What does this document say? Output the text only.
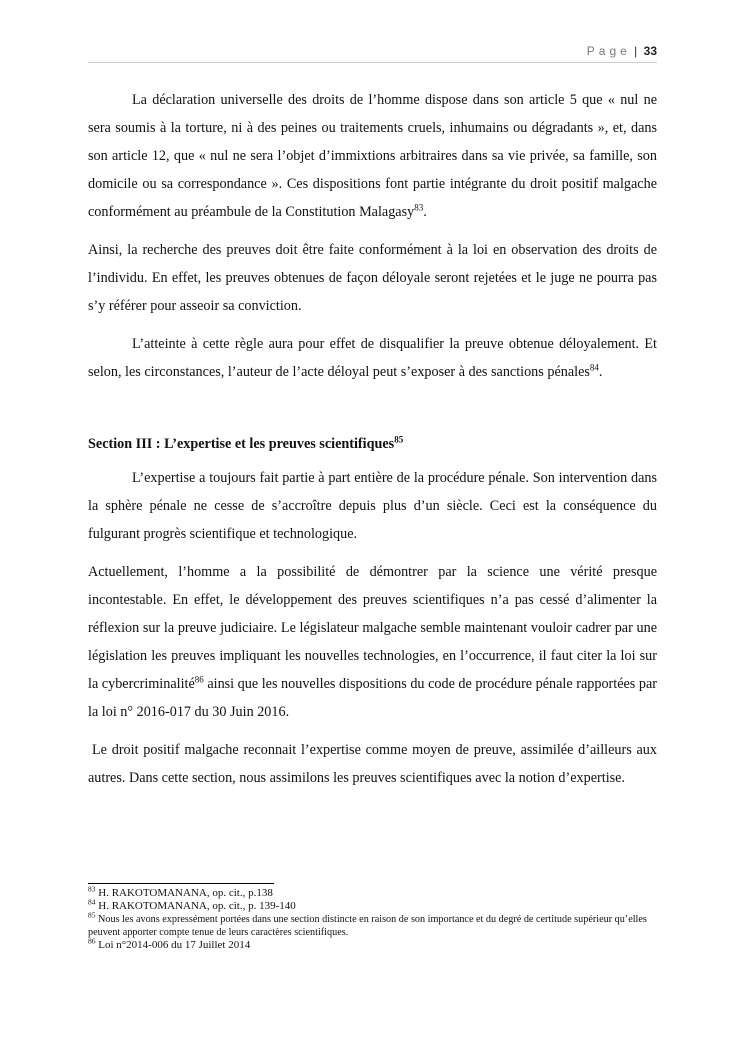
Page | 33

La déclaration universelle des droits de l’homme dispose dans son article 5 que « nul ne sera soumis à la torture, ni à des peines ou traitements cruels, inhumains ou dégradants », et, dans son article 12, que « nul ne sera l’objet d’immixtions arbitraires dans sa vie privée, sa famille, son domicile ou sa correspondance ». Ces dispositions font partie intégrante du droit positif malgache conformément au préambule de la Constitution Malagasy$^{83}$.

Ainsi, la recherche des preuves doit être faite conformément à la loi en observation des droits de l’individu. En effet, les preuves obtenues de façon déloyale seront rejetées et le juge ne pourra pas s’y référer pour asseoir sa conviction.

L’atteinte à cette règle aura pour effet de disqualifier la preuve obtenue déloyalement. Et selon, les circonstances, l’auteur de l’acte déloyal peut s’exposer à des sanctions pénales$^{84}$.

Section III : L’expertise et les preuves scientifiques$^{85}$

L’expertise a toujours fait partie à part entière de la procédure pénale. Son intervention dans la sphère pénale ne cesse de s’accroître depuis plus d’un siècle. Ceci est la conséquence du fulgurant progrès scientifique et technologique.

Actuellement, l’homme a la possibilité de démontrer par la science une vérité presque incontestable. En effet, le développement des preuves scientifiques n’a pas cessé d’alimenter la réflexion sur la preuve judiciaire. Le législateur malgache semble maintenant vouloir cadrer par une législation les preuves impliquant les nouvelles technologies, en l’occurrence, il faut citer la loi sur la cybercriminalité$^{86}$ ainsi que les nouvelles dispositions du code de procédure pénale rapportées par la loi n° 2016-017 du 30 Juin 2016.

Le droit positif malgache reconnait l’expertise comme moyen de preuve, assimilée d’ailleurs aux autres. Dans cette section, nous assimilons les preuves scientifiques avec la notion d’expertise.

$^{83}$ H. RAKOTOMANANA, op. cit., p.138

$^{84}$ H. RAKOTOMANANA, op. cit., p. 139-140

$^{85}$ Nous les avons expressément portées dans une section distincte en raison de son importance et du degré de certitude supérieur qu’elles peuvent apporter compte tenue de leurs caractères scientifiques.

$^{86}$ Loi n°2014-006 du 17 Juillet 2014
